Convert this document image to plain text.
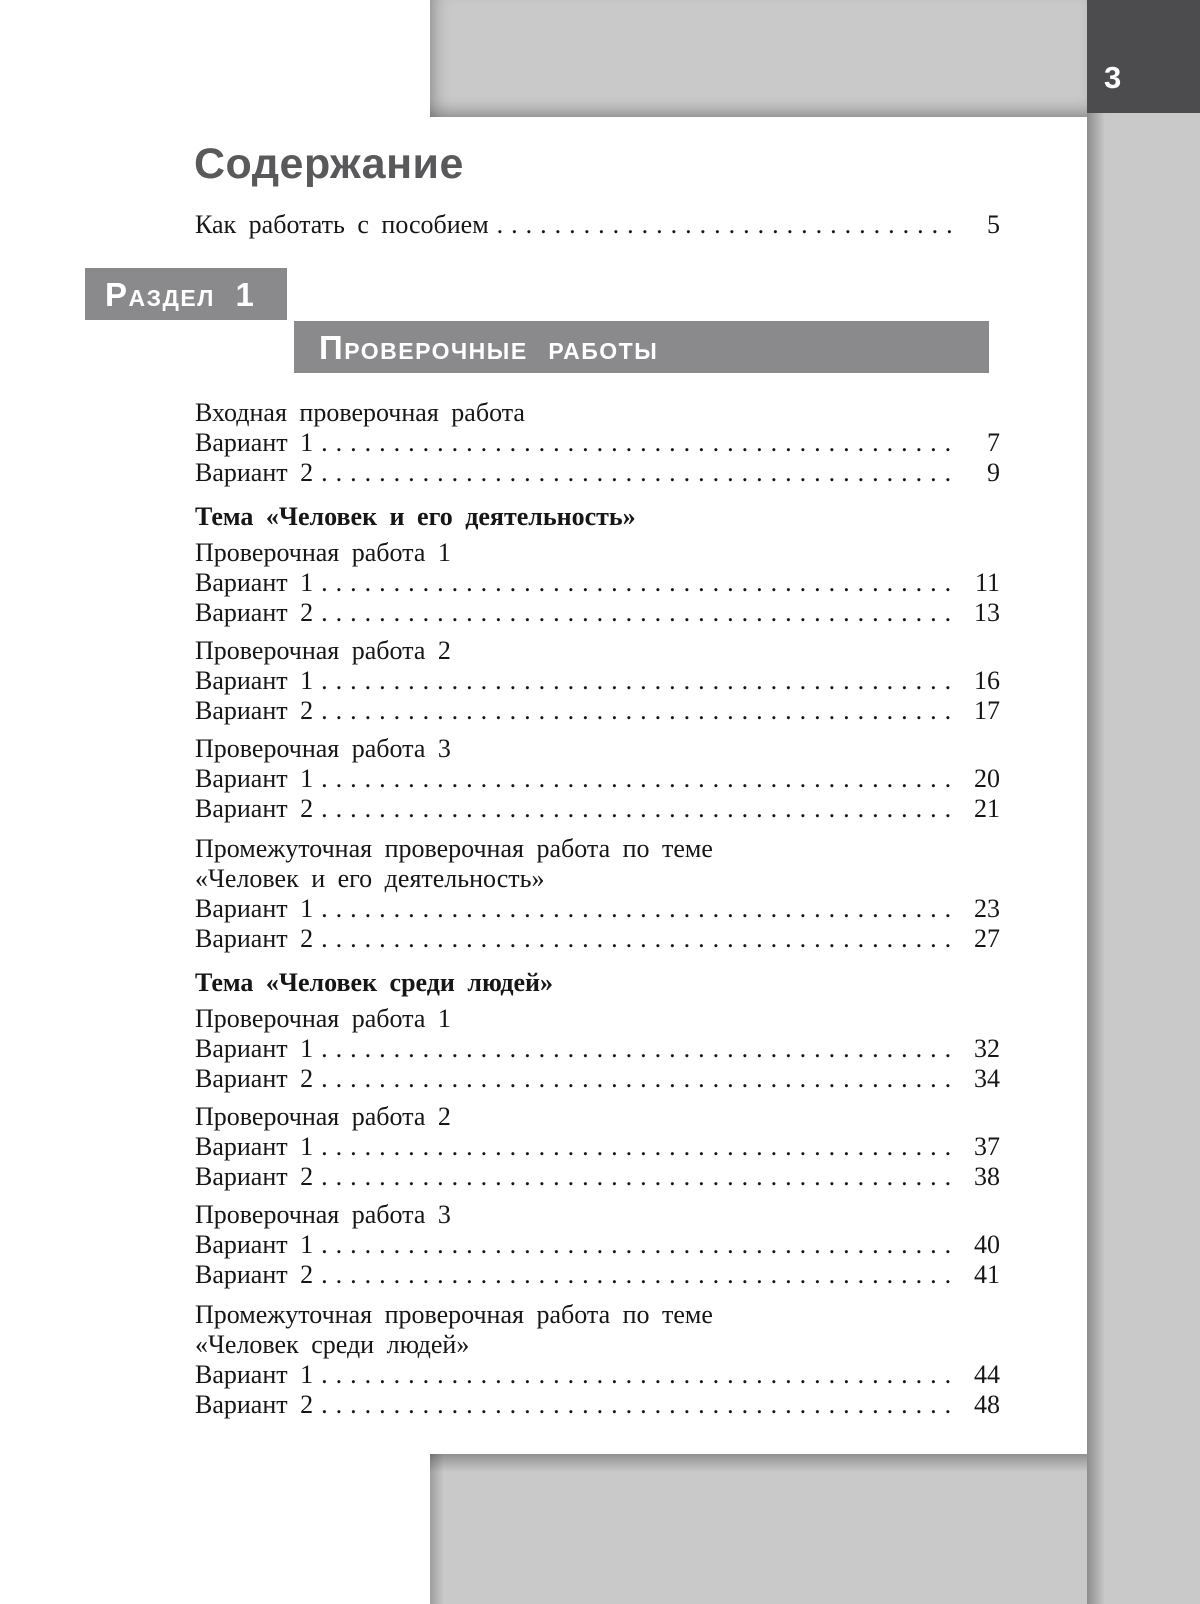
3
Содержание
Как работать с пособием .....	5
Раздел 1
Проверочные работы
Входная проверочная работа
Вариант 1 .....	7
Вариант 2 .....	9
Тема «Человек и его деятельность»
Проверочная работа 1
Вариант 1 .....	11
Вариант 2 .....	13
Проверочная работа 2
Вариант 1 .....	16
Вариант 2 .....	17
Проверочная работа 3
Вариант 1 .....	20
Вариант 2 .....	21
Промежуточная проверочная работа по теме
«Человек и его деятельность»
Вариант 1 .....	23
Вариант 2 .....	27
Тема «Человек среди людей»
Проверочная работа 1
Вариант 1 .....	32
Вариант 2 .....	34
Проверочная работа 2
Вариант 1 .....	37
Вариант 2 .....	38
Проверочная работа 3
Вариант 1 .....	40
Вариант 2 .....	41
Промежуточная проверочная работа по теме
«Человек среди людей»
Вариант 1 .....	44
Вариант 2 .....	48
